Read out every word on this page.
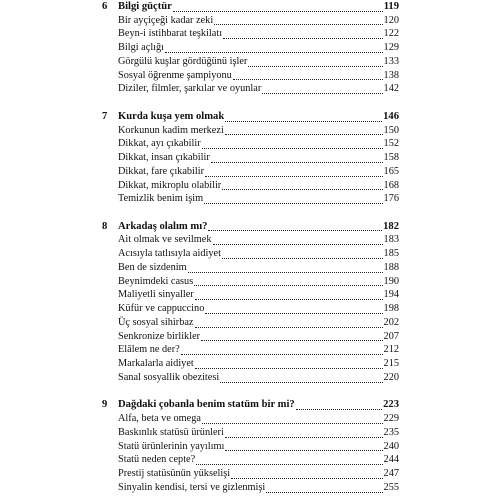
6	Bilgi güçtür	119
Bir ayçiçeği kadar zeki	120
Beyn-i istihbarat teşkilatı	122
Bilgi açlığı	129
Görgülü kuşlar gördüğünü işler	133
Sosyal öğrenme şampiyonu	138
Diziler, filmler, şarkılar ve oyunlar	142
7	Kurda kuşa yem olmak	146
Korkunun kadim merkezi	150
Dikkat, ayı çıkabilir	152
Dikkat, insan çıkabilir	158
Dikkat, fare çıkabilir	165
Dikkat, mikroplu olabilir	168
Temizlik benim işim	176
8	Arkadaş olalım mı?	182
Ait olmak ve sevilmek	183
Acısıyla tatlısıyla aidiyet	185
Ben de sizdenim	188
Beynimdeki casus	190
Maliyetli sinyaller	194
Küfür ve cappuccino	198
Üç sosyal sihirbaz	202
Senkronize birlikler	207
Elâlem ne der?	212
Markalarla aidiyet	215
Sanal sosyallik obezitesi	220
9	Dağdaki çobanla benim statüm bir mi?	223
Alfa, beta ve omega	229
Baskınlık statüsü ürünleri	235
Statü ürünlerinin yayılımı	240
Statü neden cepte?	244
Prestij statüsünün yükselişi	247
Sinyalin kendisi, tersi ve gizlenmişi	255
